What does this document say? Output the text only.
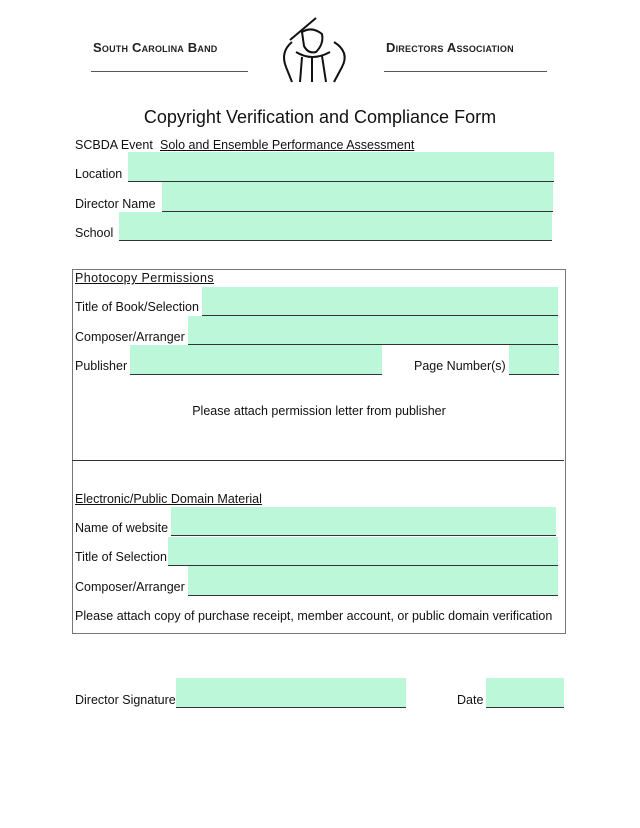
South Carolina Band	Directors Association
Copyright Verification and Compliance Form
SCBDA Event Solo and Ensemble Performance Assessment
Location
Director Name
School
Photocopy Permissions
Title of Book/Selection
Composer/Arranger
Publisher	Page Number(s)
Please attach permission letter from publisher
Electronic/Public Domain Material
Name of website
Title of Selection
Composer/Arranger
Please attach copy of purchase receipt, member account, or public domain verification
Director Signature	Date
